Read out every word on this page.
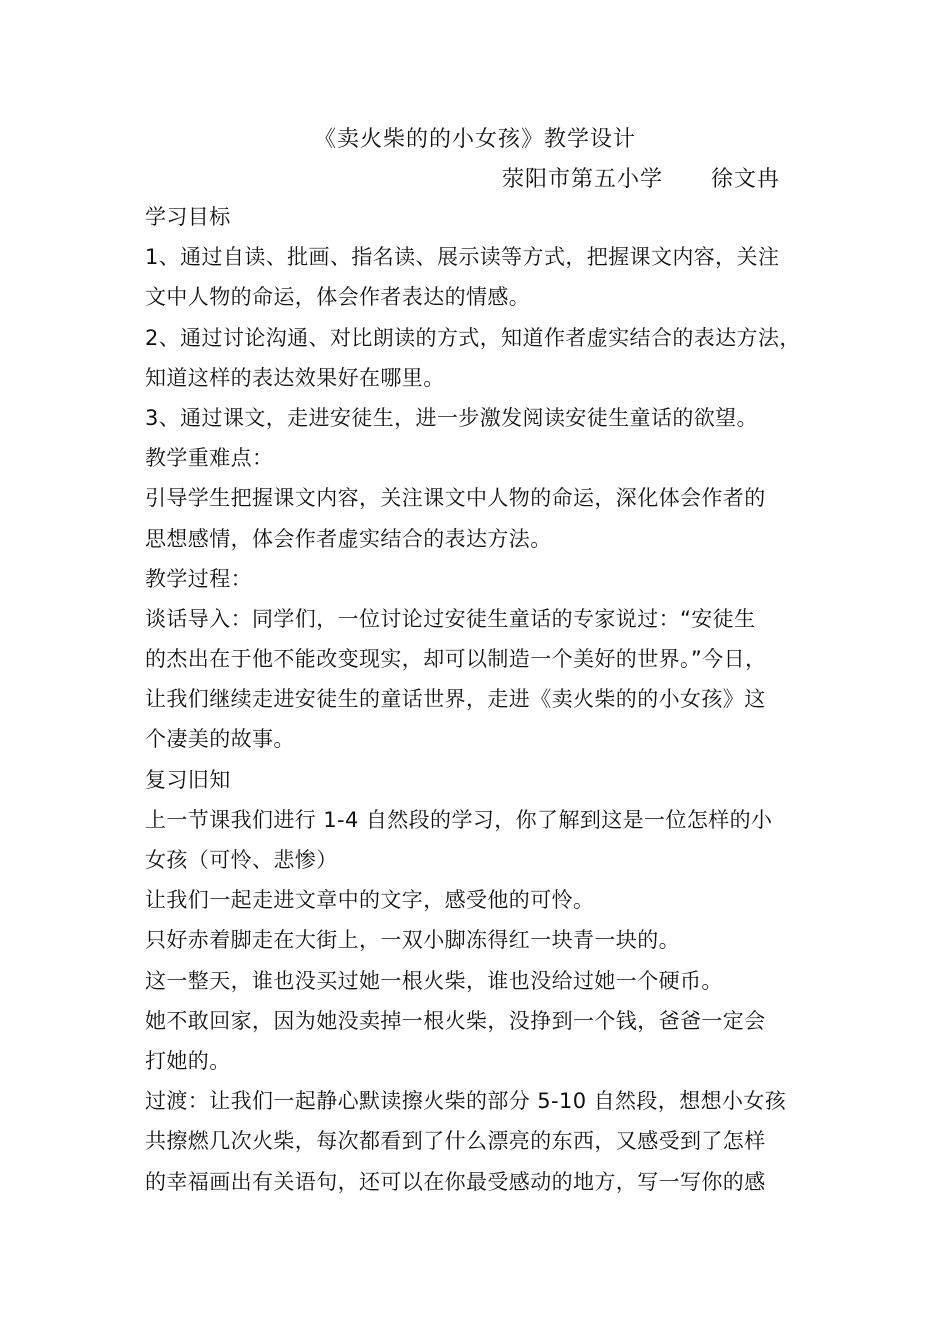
《卖火柴的的小女孩》教学设计
荥阳市第五小学      徐文冉
学习目标
1、通过自读、批画、指名读、展示读等方式，把握课文内容，关注
文中人物的命运，体会作者表达的情感。
2、通过讨论沟通、对比朗读的方式，知道作者虚实结合的表达方法，
知道这样的表达效果好在哪里。
3、通过课文，走进安徒生，进一步激发阅读安徒生童话的欲望。
教学重难点：
引导学生把握课文内容，关注课文中人物的命运，深化体会作者的
思想感情，体会作者虚实结合的表达方法。
教学过程：
谈话导入：同学们，一位讨论过安徒生童话的专家说过：“安徒生
的杰出在于他不能改变现实，却可以制造一个美好的世界。”今日，
让我们继续走进安徒生的童话世界，走进《卖火柴的的小女孩》这
个凄美的故事。
复习旧知
上一节课我们进行 1-4 自然段的学习，你了解到这是一位怎样的小
女孩（可怜、悲惨）
让我们一起走进文章中的文字，感受他的可怜。
只好赤着脚走在大街上，一双小脚冻得红一块青一块的。
这一整天，谁也没买过她一根火柴，谁也没给过她一个硬币。
她不敢回家，因为她没卖掉一根火柴，没挣到一个钱，爸爸一定会
打她的。
过渡：让我们一起静心默读擦火柴的部分 5-10 自然段，想想小女孩
共擦燃几次火柴，每次都看到了什么漂亮的东西，又感受到了怎样
的幸福画出有关语句，还可以在你最受感动的地方，写一写你的感
